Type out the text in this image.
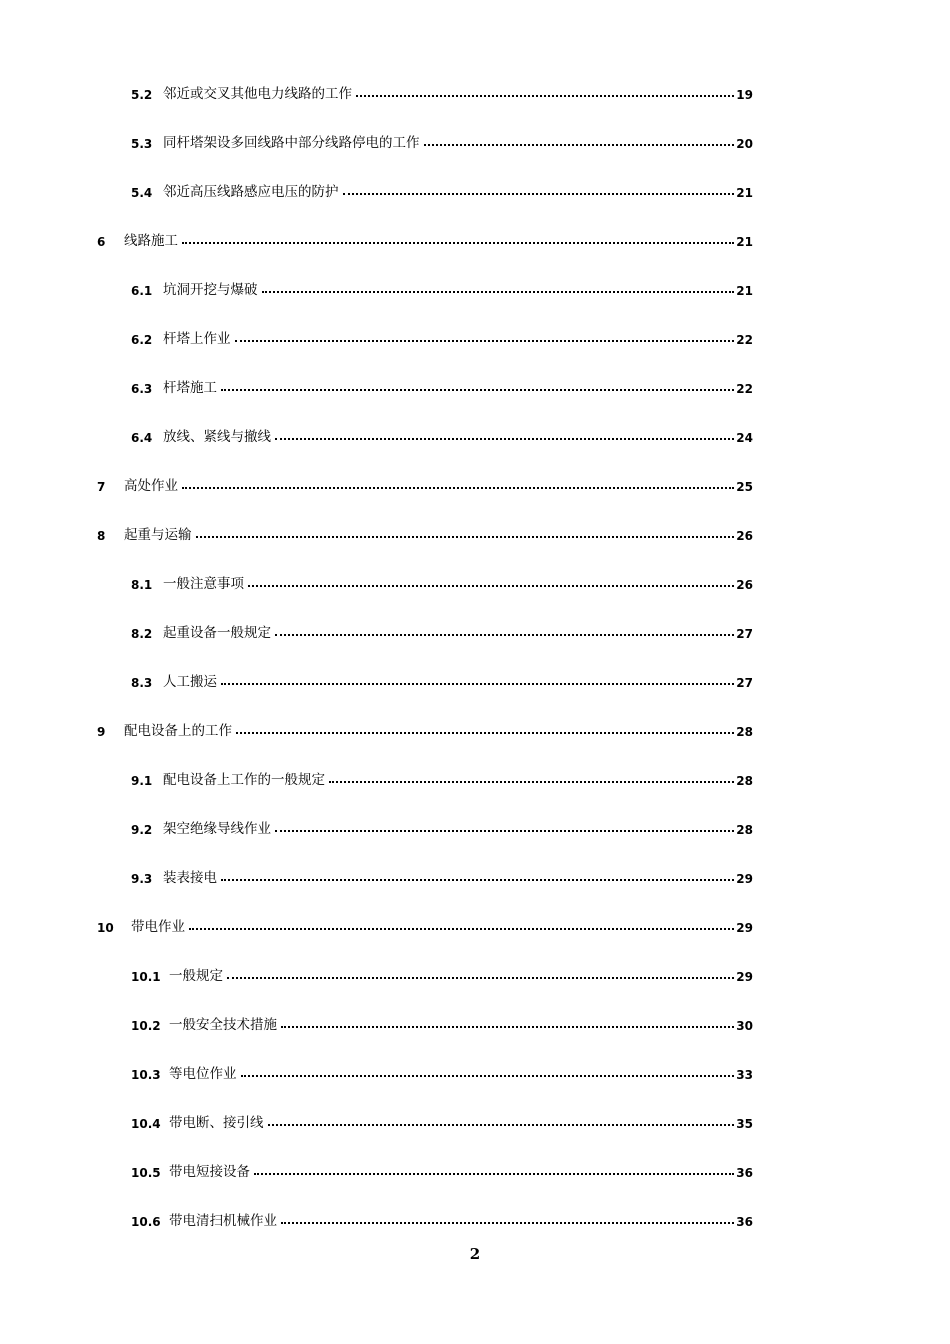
5.2 邻近或交叉其他电力线路的工作	19
5.3 同杆塔架设多回线路中部分线路停电的工作	20
5.4 邻近高压线路感应电压的防护	21
6	线路施工	21
6.1 坑洞开挖与爆破	21
6.2 杆塔上作业	22
6.3 杆塔施工	22
6.4 放线、紧线与撤线	24
7	高处作业	25
8	起重与运输	26
8.1 一般注意事项	26
8.2 起重设备一般规定	27
8.3 人工搬运	27
9	配电设备上的工作	28
9.1 配电设备上工作的一般规定	28
9.2 架空绝缘导线作业	28
9.3 装表接电	29
10	带电作业	29
10.1 一般规定	29
10.2 一般安全技术措施	30
10.3 等电位作业	33
10.4 带电断、接引线	35
10.5 带电短接设备	36
10.6 带电清扫机械作业	36
2
